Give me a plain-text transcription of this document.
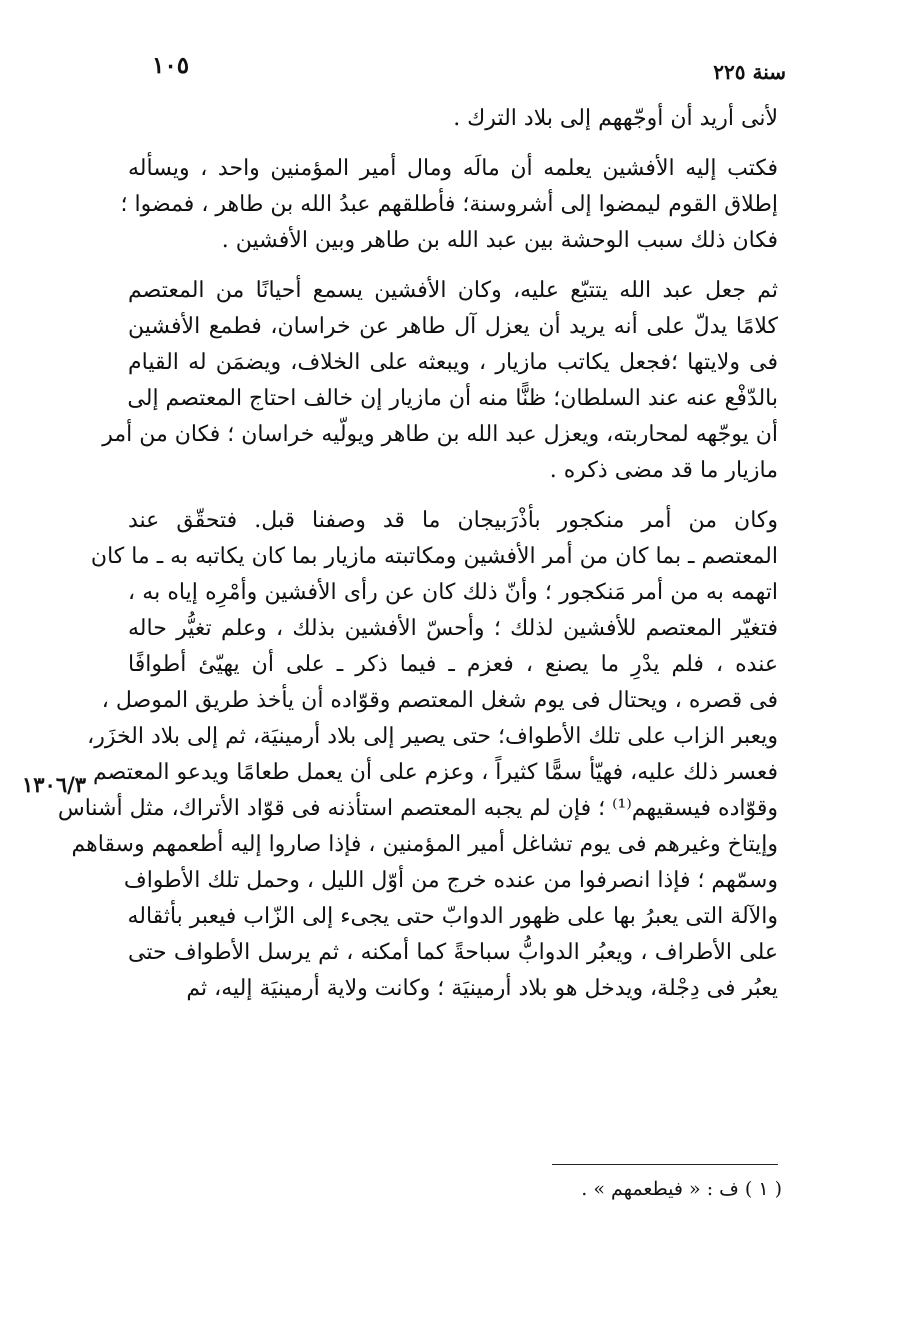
١٠٥	سنة ٢٢٥
لأنى أريد أن أوجّههم إلى بلاد الترك .
فكتب إليه الأفشين يعلمه أن مالَه ومال أمير المؤمنين واحد ، ويسأله
إطلاق القوم ليمضوا إلى أشروسنة؛ فأطلقهم عبدُ الله بن طاهر ، فمضوا ؛
فكان ذلك سبب الوحشة بين عبد الله بن طاهر وبين الأفشين .
ثم جعل عبد الله يتتبّع عليه، وكان الأفشين يسمع أحيانًا من المعتصم
كلامًا يدلّ على أنه يريد أن يعزل آل طاهر عن خراسان، فطمع الأفشين
فى ولايتها ؛فجعل يكاتب مازيار ، ويبعثه على الخلاف، ويضمَن له القيام
بالدّفْع عنه عند السلطان؛ ظنًّا منه أن مازيار إن خالف احتاج المعتصم إلى
أن يوجّهه لمحاربته، ويعزل عبد الله بن طاهر ويولّيه خراسان ؛ فكان من أمر
مازيار ما قد مضى ذكره .
وكان من أمر منكجور بأذْرَبيجان ما قد وصفنا قبل. فتحقّق عند
المعتصم ـ بما كان من أمر الأفشين ومكاتبته مازيار بما كان يكاتبه به ـ ما كان
اتهمه به من أمر مَنكجور ؛ وأنّ ذلك كان عن رأى الأفشين وأمْرِه إياه به ،
فتغيّر المعتصم للأفشين لذلك ؛ وأحسّ الأفشين بذلك ، وعلم تغيُّر حاله
عنده ، فلم يدْرِ ما يصنع ، فعزم ـ فيما ذكر ـ على أن يهيّئ أطوافًا
فى قصره ، ويحتال فى يوم شغل المعتصم وقوّاده أن يأخذ طريق الموصل ،
ويعبر الزاب على تلك الأطواف؛ حتى يصير إلى بلاد أرمينيَة، ثم إلى بلاد الخزَر،
فعسر ذلك عليه، فهيّأ سمًّا كثيراً ، وعزم على أن يعمل طعامًا ويدعو المعتصم
وقوّاده فيسقيهم⁽¹⁾ ؛ فإن لم يجبه المعتصم استأذنه فى قوّاد الأتراك، مثل أشناس
وإيتاخ وغيرهم فى يوم تشاغل أمير المؤمنين ، فإذا صاروا إليه أطعمهم وسقاهم
وسمّهم ؛ فإذا انصرفوا من عنده خرج من أوّل الليل ، وحمل تلك الأطواف
والآلة التى يعبرُ بها على ظهور الدوابّ حتى يجىء إلى الزّاب فيعبر بأثقاله
على الأطراف ، ويعبُر الدوابُّ سباحةً كما أمكنه ، ثم يرسل الأطواف حتى
يعبُر فى دِجْلة، ويدخل هو بلاد أرمينيَة ؛ وكانت ولاية أرمينيَة إليه، ثم
١٣٠٦/٣
( ١ ) ف : « فيطعمهم » .
